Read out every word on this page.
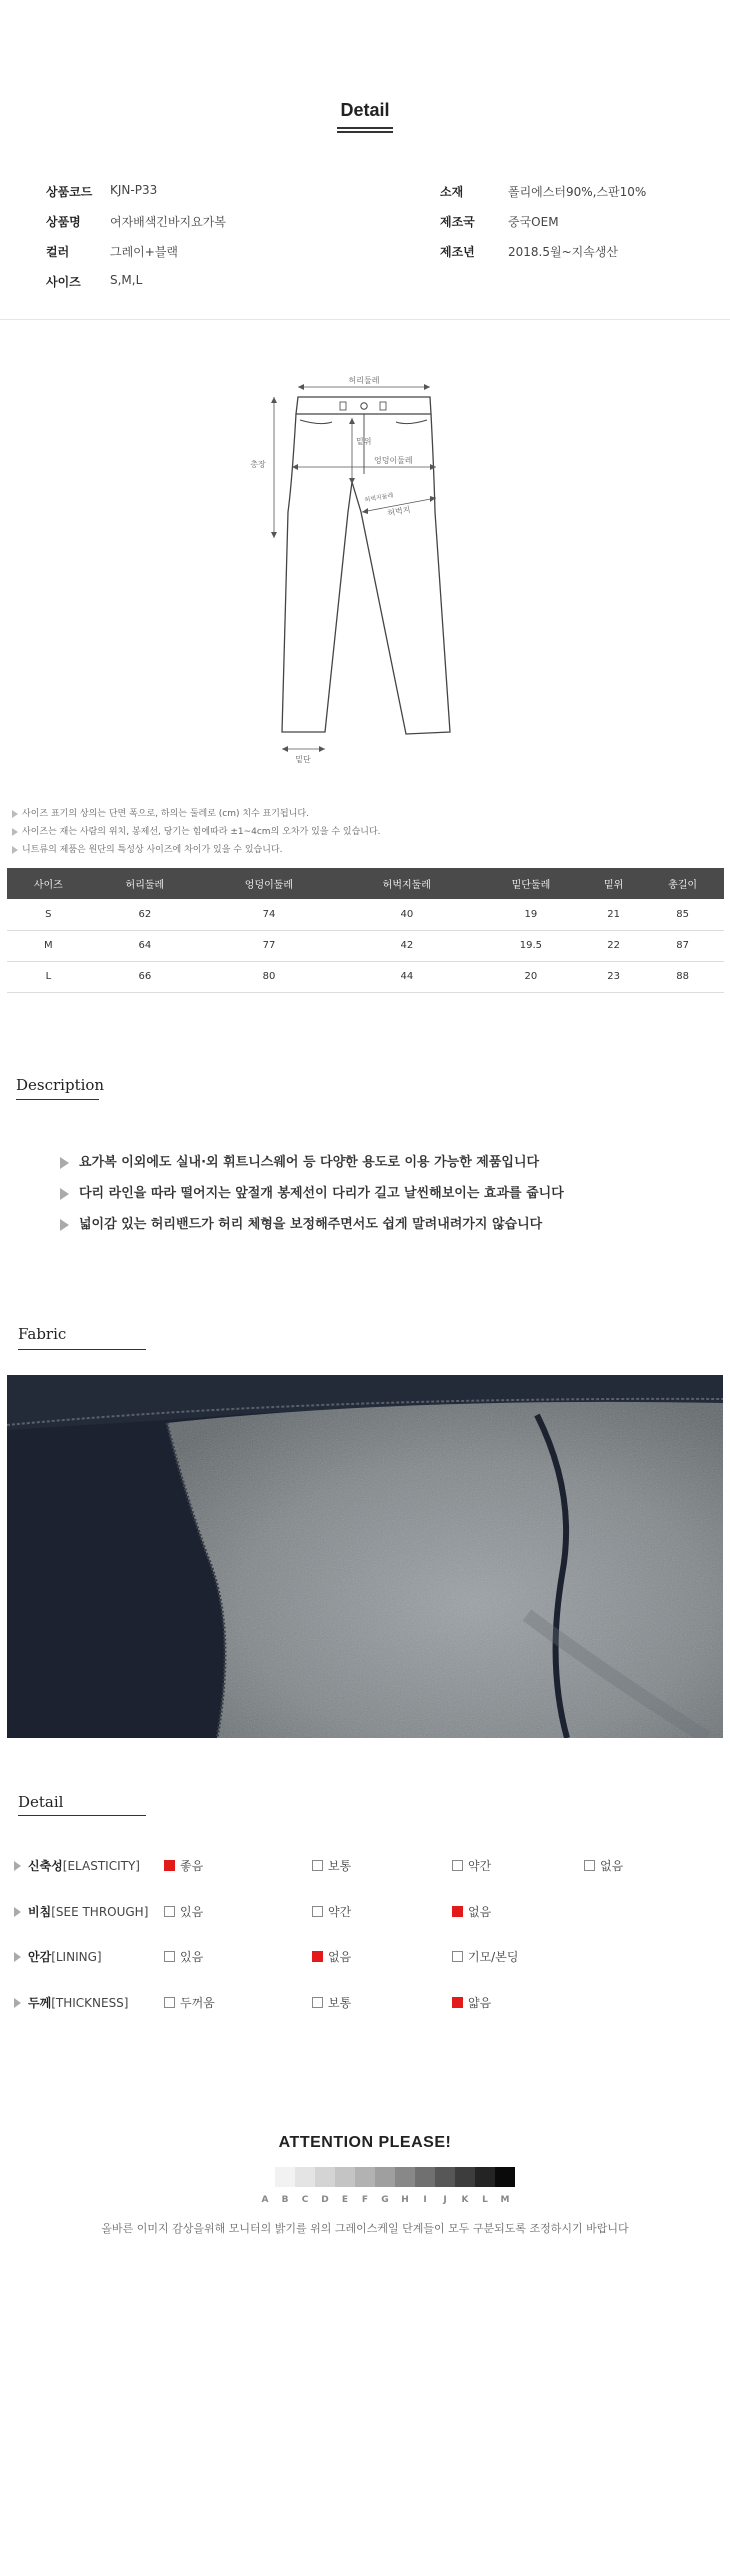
Detail
상품코드 KJN-P33
상품명 여자배색긴바지요가복
컬러	그레이+블랙
사이즈 S,M,L
소재	폴리에스터90%,스판10%
제조국	중국OEM
제조년	2018.5월~지속생산
허리둘레
밑위
엉덩이둘레
총장
허벅지
허벅지둘레
밑단
사이즈 표기의 상의는 단면 폭으로, 하의는 둘레로 (cm) 치수 표기됩니다.
사이즈는 재는 사람의 위치, 봉제선, 당기는 힘에따라 ±1~4cm의 오차가 있을 수 있습니다.
니트류의 제품은 원단의 특성상 사이즈에 차이가 있을 수 있습니다.
사이즈	허리둘레	엉덩이둘레	허벅지둘레	밑단둘레	밑위	총길이
S	62	74	40	19	21	85
M	64	77	42	19.5	22	87
L	66	80	44	20	23	88
Description
요가복 이외에도 실내·외 휘트니스웨어 등 다양한 용도로 이용 가능한 제품입니다
다리 라인을 따라 떨어지는 앞절개 봉제선이 다리가 길고 날씬해보이는 효과를 줍니다
넓이감 있는 허리밴드가 허리 체형을 보정해주면서도 쉽게 말려내려가지 않습니다
Fabric
Detail
신축성 [ELASTICITY]	좋음	보통	약간	없음
비침 [SEE THROUGH]	있음	약간	없음
안감 [LINING]	있음	없음	기모/본딩
두께 [THICKNESS]	두꺼움	보통	얇음
ATTENTION PLEASE!
A	B	C	D	E	F	G	H	I	J	K	L	M
올바른 이미지 감상을위해 모니터의 밝기를 위의 그레이스케일 단계들이 모두 구분되도록 조정하시기 바랍니다
